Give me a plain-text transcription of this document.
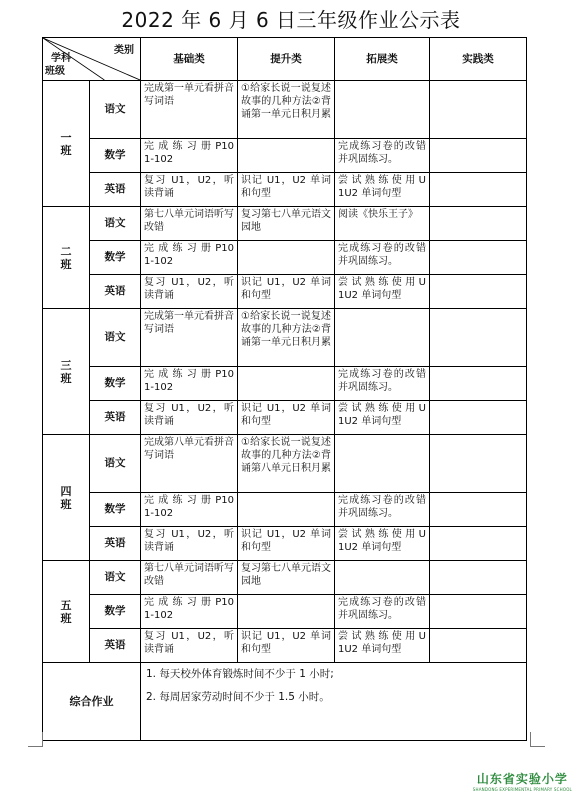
2022 年 6 月 6 日三年级作业公示表
类别
学科
班级		基础类	提升类	拓展类	实践类
一
班	语文	完成第一单元看拼音写词语	①给家长说一说复述故事的几种方法②背诵第一单元日积月累		
	数学	完 成 练 习 册 P101-102		完成练习卷的改错并巩固练习。	
	英语	复习 U1，U2，听读背诵	识记 U1，U2 单词和句型	尝 试 熟 练 使 用 U1U2 单词句型	
二
班	语文	第七八单元词语听写改错	复习第七八单元语文园地	阅读《快乐王子》	
	数学	完 成 练 习 册 P101-102		完成练习卷的改错并巩固练习。	
	英语	复习 U1，U2，听读背诵	识记 U1，U2 单词和句型	尝 试 熟 练 使 用 U1U2 单词句型	
三
班	语文	完成第一单元看拼音写词语	①给家长说一说复述故事的几种方法②背诵第一单元日积月累		
	数学	完 成 练 习 册 P101-102		完成练习卷的改错并巩固练习。	
	英语	复习 U1，U2，听读背诵	识记 U1，U2 单词和句型	尝 试 熟 练 使 用 U1U2 单词句型	
四
班	语文	完成第八单元看拼音写词语	①给家长说一说复述故事的几种方法②背诵第八单元日积月累		
	数学	完 成 练 习 册 P101-102		完成练习卷的改错并巩固练习。	
	英语	复习 U1，U2，听读背诵	识记 U1，U2 单词和句型	尝 试 熟 练 使 用 U1U2 单词句型	
五
班	语文	第七八单元词语听写改错	复习第七八单元语文园地		
	数学	完 成 练 习 册 P101-102		完成练习卷的改错并巩固练习。	
	英语	复习 U1，U2，听读背诵	识记 U1，U2 单词和句型	尝 试 熟 练 使 用 U1U2 单词句型	
综合作业		1. 每天校外体育锻炼时间不少于 1 小时;
2. 每周居家劳动时间不少于 1.5 小时。			
山东省实验小学
SHANDONG EXPERIMENTAL PRIMARY SCHOOL
